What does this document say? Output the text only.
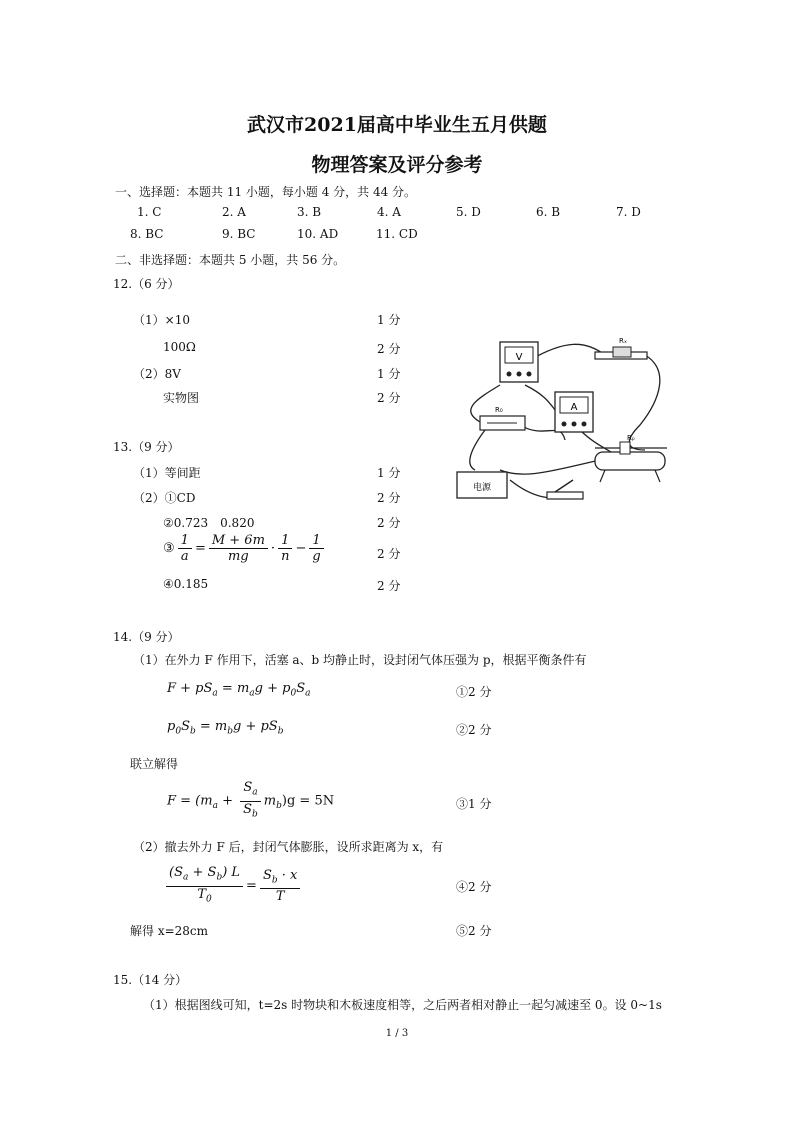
武汉市2021届高中毕业生五月供题
物理答案及评分参考
一、选择题：本题共 11 小题，每小题 4 分，共 44 分。
1. C	2. A	3. B	4. A	5. D	6. B	7. D
8. BC	9. BC	10. AD	11. CD
二、非选择题：本题共 5 小题，共 56 分。
12.（6 分）
（1）×10	1 分
100Ω	2 分
（2）8V	1 分
实物图	2 分
V
Rₓ
R₀	A
Rₚ
电源
13.（9 分）
（1）等间距	1 分
（2）①CD	2 分
②0.723　0.820	2 分
③ $\frac{1}{a} = \frac{M + 6m}{mg} \cdot \frac{1}{n} - \frac{1}{g}$	2 分
④0.185	2 分
14.（9 分）
（1）在外力 F 作用下，活塞 a、b 均静止时，设封闭气体压强为 p，根据平衡条件有
$F + pS_a = m_ag + p_0S_a$	①2 分
$p_0S_b = m_bg + pS_b$	②2 分
联立解得
$F = (m_a + \frac{S_a}{S_b} m_b)g = 5N$	③1 分
（2）撤去外力 F 后，封闭气体膨胀，设所求距离为 x，有
$\frac{(S_a + S_b) L}{T_0} = \frac{S_b \cdot x}{T}$	④2 分
解得 x=28cm	⑤2 分
15.（14 分）
（1）根据图线可知，t=2s 时物块和木板速度相等，之后两者相对静止一起匀减速至 0。设 0~1s
1 / 3
